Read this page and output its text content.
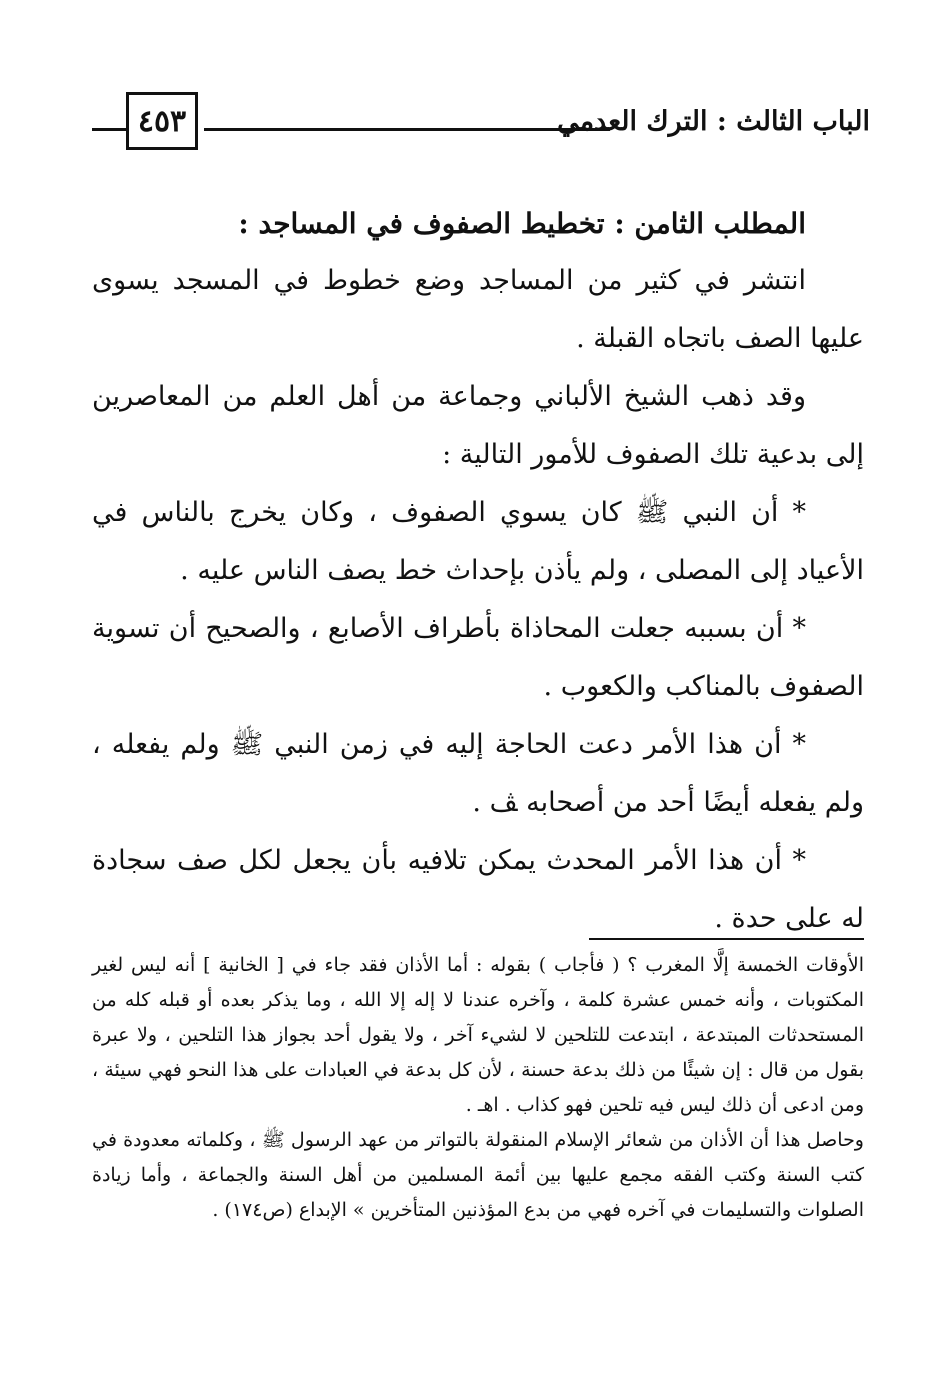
٤٥٣	الباب الثالث : الترك العدمي
المطلب الثامن : تخطيط الصفوف في المساجد :

انتشر في كثير من المساجد وضع خطوط في المسجد يسوى عليها الصف باتجاه القبلة .

وقد ذهب الشيخ الألباني وجماعة من أهل العلم من المعاصرين إلى بدعية تلك الصفوف للأمور التالية :

* أن النبي ﷺ كان يسوي الصفوف ، وكان يخرج بالناس في الأعياد إلى المصلى ، ولم يأذن بإحداث خط يصف الناس عليه .

* أن بسببه جعلت المحاذاة بأطراف الأصابع ، والصحيح أن تسوية الصفوف بالمناكب والكعوب .

* أن هذا الأمر دعت الحاجة إليه في زمن النبي ﷺ ولم يفعله ، ولم يفعله أيضًا أحد من أصحابه ﭫ .

* أن هذا الأمر المحدث يمكن تلافيه بأن يجعل لكل صف سجادة له على حدة .

الأوقات الخمسة إلَّا المغرب ؟ ( فأجاب ) بقوله : أما الأذان فقد جاء في [ الخانية ] أنه ليس لغير المكتوبات ، وأنه خمس عشرة كلمة ، وآخره عندنا لا إله إلا الله ، وما يذكر بعده أو قبله كله من المستحدثات المبتدعة ، ابتدعت للتلحين لا لشيء آخر ، ولا يقول أحد بجواز هذا التلحين ، ولا عبرة بقول من قال : إن شيئًا من ذلك بدعة حسنة ، لأن كل بدعة في العبادات على هذا النحو فهي سيئة ، ومن ادعى أن ذلك ليس فيه تلحين فهو كذاب . اهـ .

وحاصل هذا أن الأذان من شعائر الإسلام المنقولة بالتواتر من عهد الرسول ﷺ ، وكلماته معدودة في كتب السنة وكتب الفقه مجمع عليها بين أئمة المسلمين من أهل السنة والجماعة ، وأما زيادة الصلوات والتسليمات في آخره فهي من بدع المؤذنين المتأخرين » الإبداع (ص١٧٤) .
